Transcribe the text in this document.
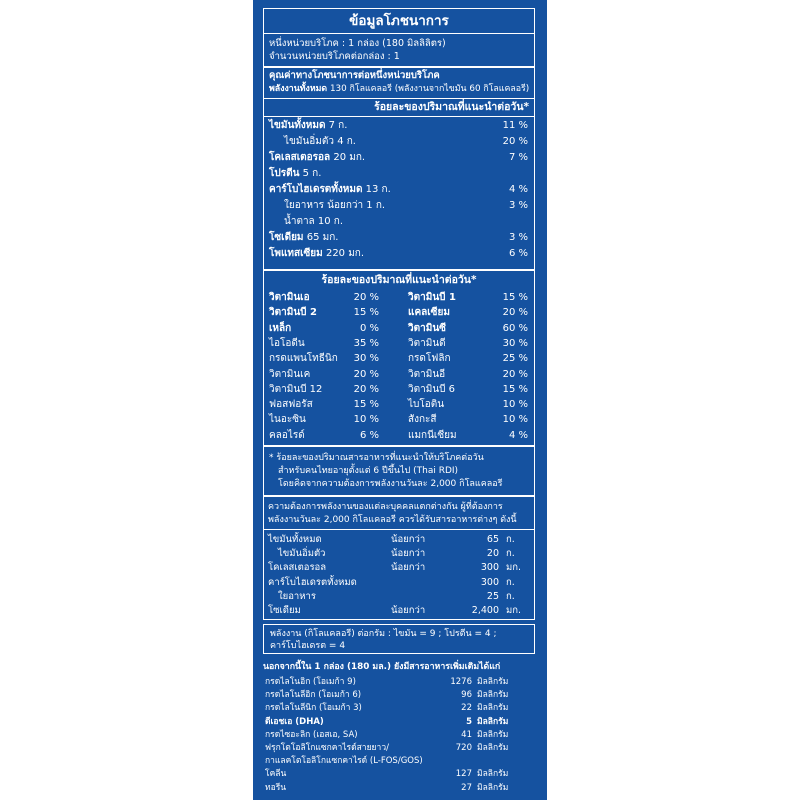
ข้อมูลโภชนาการ
หนึ่งหน่วยบริโภค : 1 กล่อง (180 มิลลิลิตร)
จำนวนหน่วยบริโภคต่อกล่อง : 1
คุณค่าทางโภชนาการต่อหนึ่งหน่วยบริโภค
พลังงานทั้งหมด 130 กิโลแคลอรี (พลังงานจากไขมัน 60 กิโลแคลอรี)
ร้อยละของปริมาณที่แนะนำต่อวัน*
ไขมันทั้งหมด 7 ก.	11 %
ไขมันอิ่มตัว 4 ก.	20 %
โคเลสเตอรอล 20 มก.	7 %
โปรตีน 5 ก.
คาร์โบไฮเดรตทั้งหมด 13 ก.	4 %
ใยอาหาร น้อยกว่า 1 ก.	3 %
น้ำตาล 10 ก.
โซเดียม 65 มก.	3 %
โพแทสเซียม 220 มก.	6 %
ร้อยละของปริมาณที่แนะนำต่อวัน*
วิตามินเอ	20 %	วิตามินบี 1	15 %
วิตามินบี 2	15 %	แคลเซียม	20 %
เหล็ก	0 %	วิตามินซี	60 %
ไอโอดีน	35 %	วิตามินดี	30 %
กรดแพนโทธีนิก 30 %	กรดโฟลิก	25 %
วิตามินเค	20 %	วิตามินอี	20 %
วิตามินบี 12	20 %	วิตามินบี 6	15 %
ฟอสฟอรัส	15 %	ไบโอติน	10 %
ไนอะซิน	10 %	สังกะสี	10 %
คลอไรด์	6 %	แมกนีเซียม	4 %
* ร้อยละของปริมาณสารอาหารที่แนะนำให้บริโภคต่อวัน
สำหรับคนไทยอายุตั้งแต่ 6 ปีขึ้นไป (Thai RDI)
โดยคิดจากความต้องการพลังงานวันละ 2,000 กิโลแคลอรี
ความต้องการพลังงานของแต่ละบุคคลแตกต่างกัน ผู้ที่ต้องการ
พลังงานวันละ 2,000 กิโลแคลอรี ควรได้รับสารอาหารต่างๆ ดังนี้
ไขมันทั้งหมด	น้อยกว่า	65 ก.
ไขมันอิ่มตัว	น้อยกว่า	20 ก.
โคเลสเตอรอล	น้อยกว่า	300 มก.
คาร์โบไฮเดรตทั้งหมด	300 ก.
ใยอาหาร	25 ก.
โซเดียม	น้อยกว่า	2,400 มก.
พลังงาน (กิโลแคลอรี) ต่อกรัม : ไขมัน = 9 ; โปรตีน = 4 ;
คาร์โบไฮเดรต = 4
นอกจากนี้ใน 1 กล่อง (180 มล.) ยังมีสารอาหารเพิ่มเติมได้แก่
กรดไลโนอิก (โอเมก้า 9)	1276 มิลลิกรัม
กรดไลโนลีอิก (โอเมก้า 6)	96 มิลลิกรัม
กรดไลโนลีนิก (โอเมก้า 3)	22 มิลลิกรัม
ดีเอชเอ (DHA)	5 มิลลิกรัม
กรดไซอะลิก (เอสเอ, SA)	41 มิลลิกรัม
ฟรุกโตโอลิโกแซกคาไรด์สายยาว/	720 มิลลิกรัม
กาแลคโตโอลิโกแซกคาไรด์ (L-FOS/GOS)
โคลีน	127 มิลลิกรัม
ทอรีน	27 มิลลิกรัม
